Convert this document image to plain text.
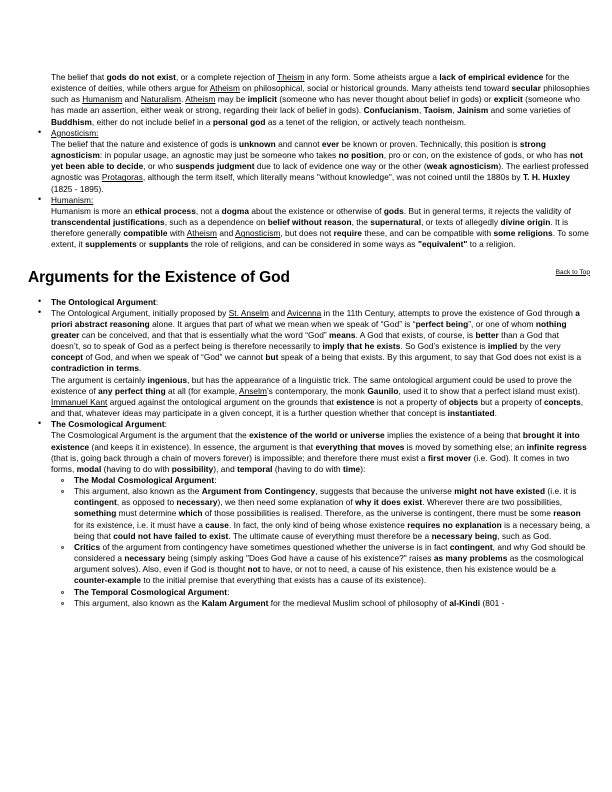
The belief that gods do not exist, or a complete rejection of Theism in any form. Some atheists argue a lack of empirical evidence for the existence of deities, while others argue for Atheism on philosophical, social or historical grounds. Many atheists tend toward secular philosophies such as Humanism and Naturalism. Atheism may be implicit (someone who has never thought about belief in gods) or explicit (someone who has made an assertion, either weak or strong, regarding their lack of belief in gods). Confucianism, Taoism, Jainism and some varieties of Buddhism, either do not include belief in a personal god as a tenet of the religion, or actively teach nontheism.
• Agnosticism:
The belief that the nature and existence of gods is unknown and cannot ever be known or proven. Technically, this position is strong agnosticism: in popular usage, an agnostic may just be someone who takes no position, pro or con, on the existence of gods, or who has not yet been able to decide, or who suspends judgment due to lack of evidence one way or the other (weak agnosticism). The earliest professed agnostic was Protagoras, although the term itself, which literally means "without knowledge", was not coined until the 1880s by T. H. Huxley (1825 - 1895).
• Humanism:
Humanism is more an ethical process, not a dogma about the existence or otherwise of gods. But in general terms, it rejects the validity of transcendental justifications, such as a dependence on belief without reason, the supernatural, or texts of allegedly divine origin. It is therefore generally compatible with Atheism and Agnosticism, but does not require these, and can be compatible with some religions. To some extent, it supplements or supplants the role of religions, and can be considered in some ways as "equivalent" to a religion.
Arguments for the Existence of God	Back to Top
• The Ontological Argument:
• The Ontological Argument, initially proposed by St. Anselm and Avicenna in the 11th Century, attempts to prove the existence of God through a priori abstract reasoning alone. It argues that part of what we mean when we speak of “God” is “perfect being”, or one of whom nothing greater can be conceived, and that that is essentially what the word “God” means. A God that exists, of course, is better than a God that doesn’t, so to speak of God as a perfect being is therefore necessarily to imply that he exists. So God’s existence is implied by the very concept of God, and when we speak of “God” we cannot but speak of a being that exists. By this argument, to say that God does not exist is a contradiction in terms.
The argument is certainly ingenious, but has the appearance of a linguistic trick. The same ontological argument could be used to prove the existence of any perfect thing at all (for example, Anselm’s contemporary, the monk Gaunilo, used it to show that a perfect island must exist). Immanuel Kant argued against the ontological argument on the grounds that existence is not a property of objects but a property of concepts, and that, whatever ideas may participate in a given concept, it is a further question whether that concept is instantiated.
• The Cosmological Argument:
The Cosmological Argument is the argument that the existence of the world or universe implies the existence of a being that brought it into existence (and keeps it in existence). In essence, the argument is that everything that moves is moved by something else; an infinite regress (that is, going back through a chain of movers forever) is impossible; and therefore there must exist a first mover (i.e. God). It comes in two forms, modal (having to do with possibility), and temporal (having to do with time):
The Modal Cosmological Argument:
This argument, also known as the Argument from Contingency, suggests that because the universe might not have existed (i.e. it is contingent, as opposed to necessary), we then need some explanation of why it does exist. Wherever there are two possibilities, something must determine which of those possibilities is realised. Therefore, as the universe is contingent, there must be some reason for its existence, i.e. it must have a cause. In fact, the only kind of being whose existence requires no explanation is a necessary being, a being that could not have failed to exist. The ultimate cause of everything must therefore be a necessary being, such as God.
Critics of the argument from contingency have sometimes questioned whether the universe is in fact contingent, and why God should be considered a necessary being (simply asking "Does God have a cause of his existence?" raises as many problems as the cosmological argument solves). Also, even if God is thought not to have, or not to need, a cause of his existence, then his existence would be a counter-example to the initial premise that everything that exists has a cause of its existence).
The Temporal Cosmological Argument:
This argument, also known as the Kalam Argument for the medieval Muslim school of philosophy of al-Kindi (801 -
